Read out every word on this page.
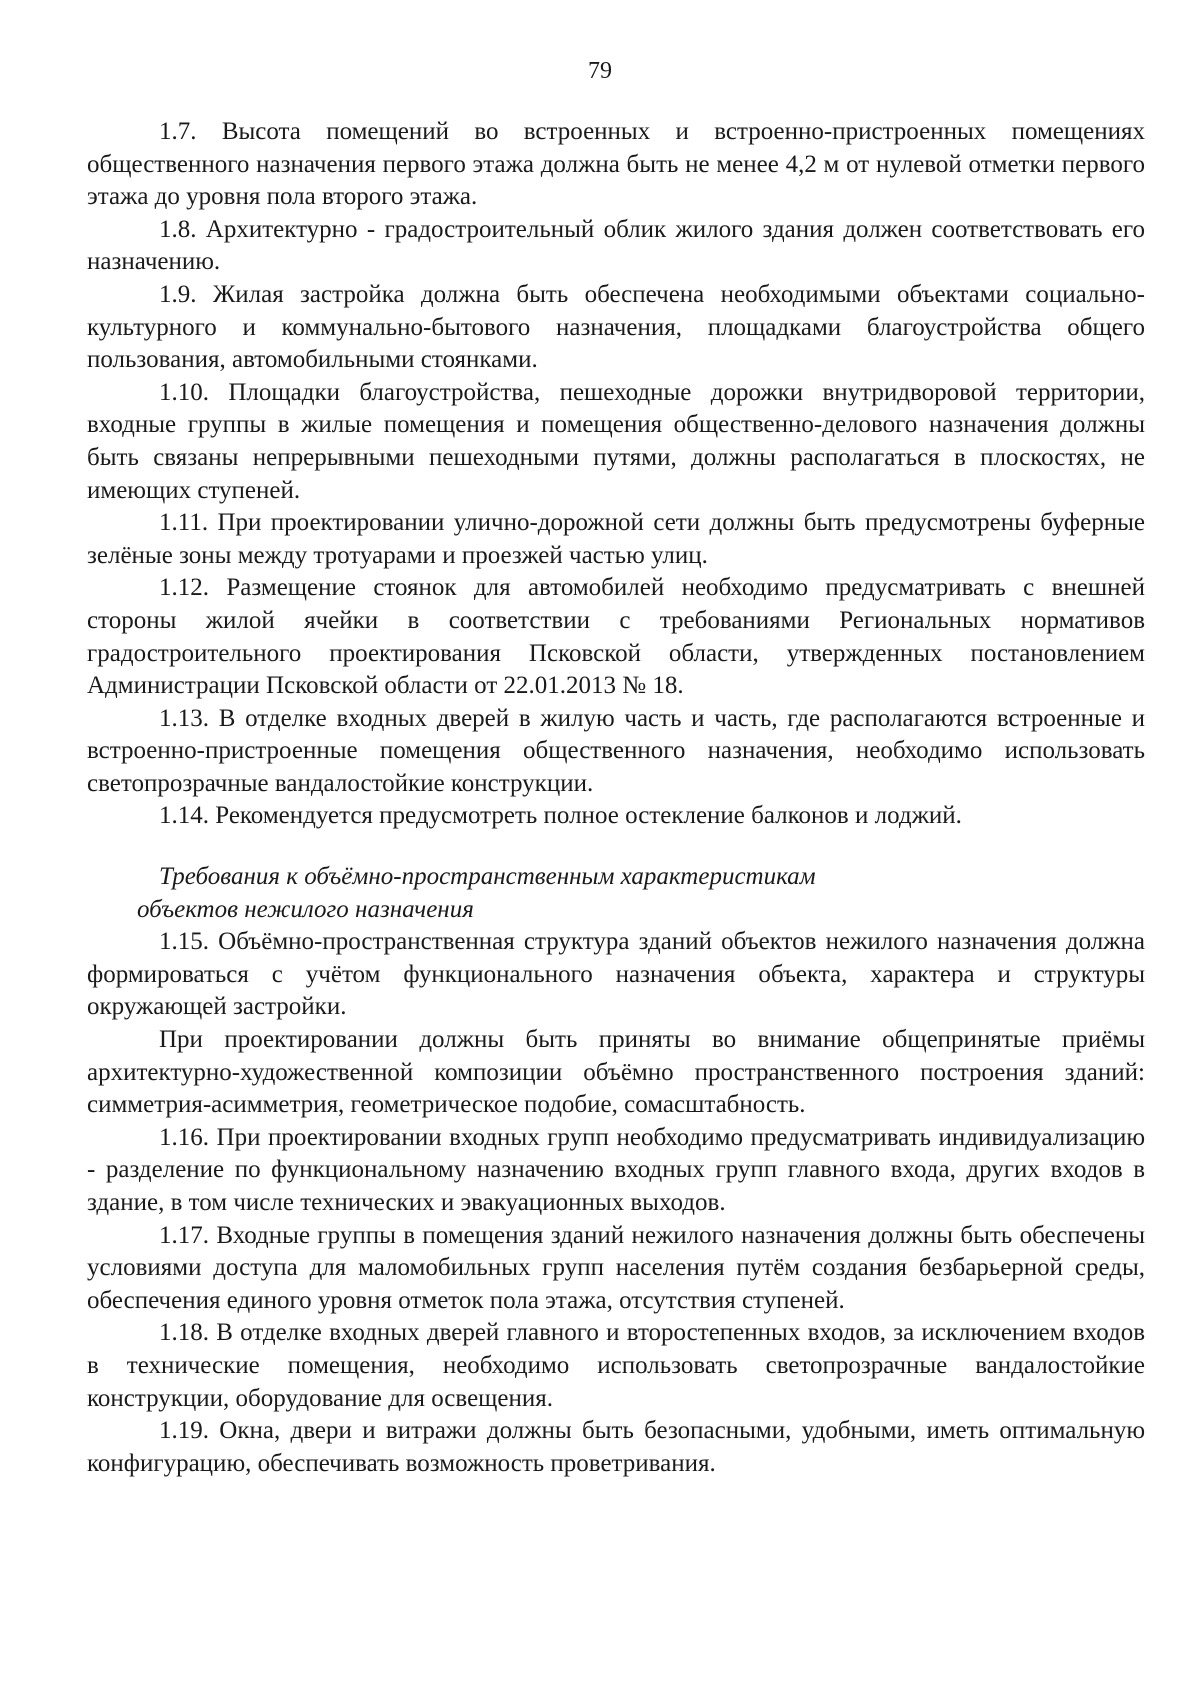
79

1.7. Высота помещений во встроенных и встроенно-пристроенных помещениях общественного назначения первого этажа должна быть не менее 4,2 м от нулевой отметки первого этажа до уровня пола второго этажа.

1.8. Архитектурно - градостроительный облик жилого здания должен соответствовать его назначению.

1.9. Жилая застройка должна быть обеспечена необходимыми объектами социально-культурного и коммунально-бытового назначения, площадками благоустройства общего пользования, автомобильными стоянками.

1.10. Площадки благоустройства, пешеходные дорожки внутридворовой территории, входные группы в жилые помещения и помещения общественно-делового назначения должны быть связаны непрерывными пешеходными путями, должны располагаться в плоскостях, не имеющих ступеней.

1.11. При проектировании улично-дорожной сети должны быть предусмотрены буферные зелёные зоны между тротуарами и проезжей частью улиц.

1.12. Размещение стоянок для автомобилей необходимо предусматривать с внешней стороны жилой ячейки в соответствии с требованиями Региональных нормативов градостроительного проектирования Псковской области, утвержденных постановлением Администрации Псковской области от 22.01.2013 № 18.

1.13. В отделке входных дверей в жилую часть и часть, где располагаются встроенные и встроенно-пристроенные помещения общественного назначения, необходимо использовать светопрозрачные вандалостойкие конструкции.

1.14. Рекомендуется предусмотреть полное остекление балконов и лоджий.

Требования к объёмно-пространственным характеристикам
объектов нежилого назначения

1.15. Объёмно-пространственная структура зданий объектов нежилого назначения должна формироваться с учётом функционального назначения объекта, характера и структуры окружающей застройки.

При проектировании должны быть приняты во внимание общепринятые приёмы архитектурно-художественной композиции объёмно пространственного построения зданий: симметрия-асимметрия, геометрическое подобие, сомасштабность.

1.16. При проектировании входных групп необходимо предусматривать индивидуализацию - разделение по функциональному назначению входных групп главного входа, других входов в здание, в том числе технических и эвакуационных выходов.

1.17. Входные группы в помещения зданий нежилого назначения должны быть обеспечены условиями доступа для маломобильных групп населения путём создания безбарьерной среды, обеспечения единого уровня отметок пола этажа, отсутствия ступеней.

1.18. В отделке входных дверей главного и второстепенных входов, за исключением входов в технические помещения, необходимо использовать светопрозрачные вандалостойкие конструкции, оборудование для освещения.

1.19. Окна, двери и витражи должны быть безопасными, удобными, иметь оптимальную конфигурацию, обеспечивать возможность проветривания.
